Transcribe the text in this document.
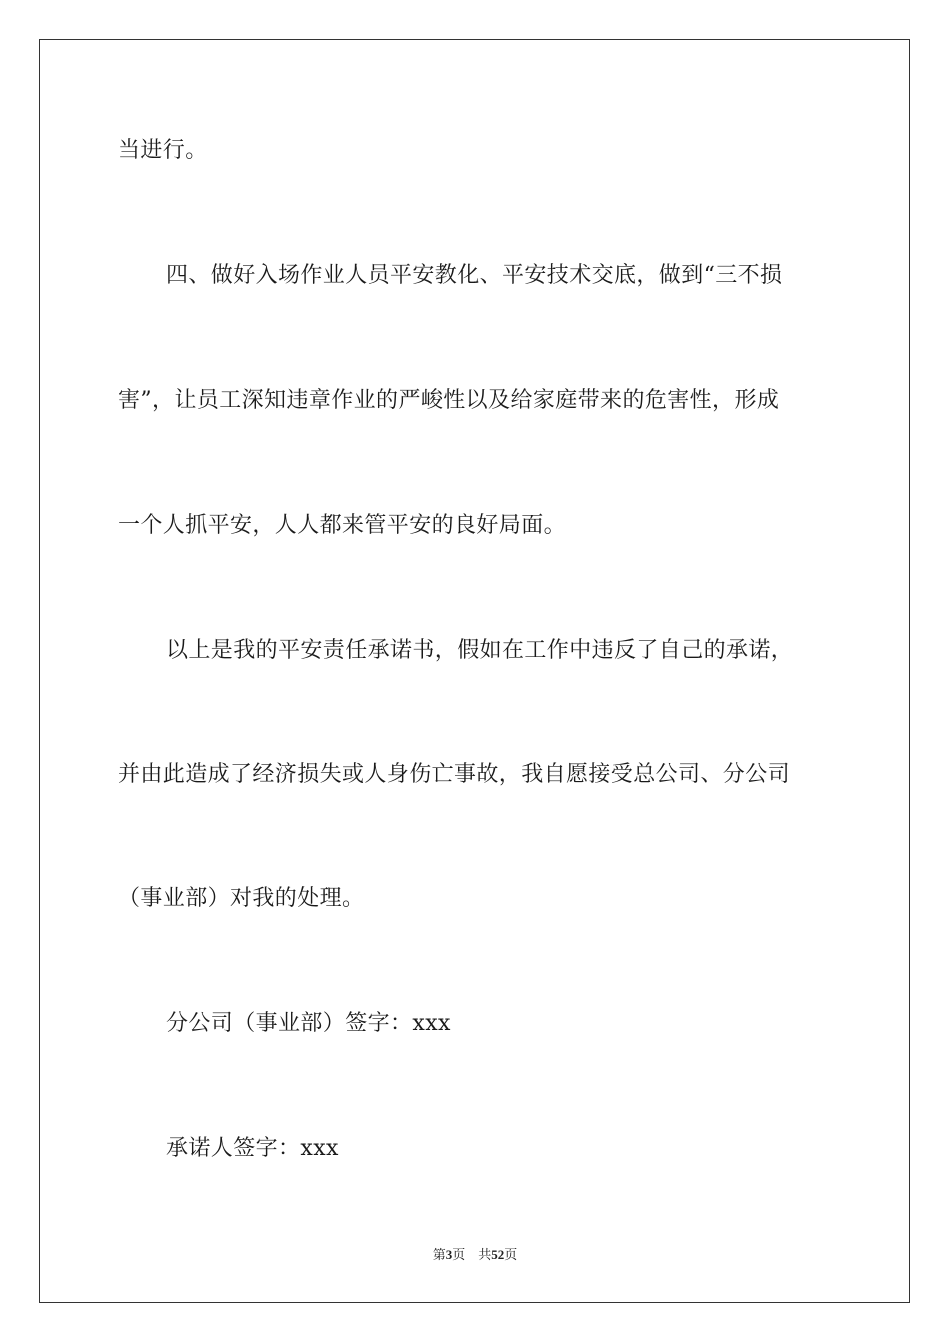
当进行。
四、做好入场作业人员平安教化、平安技术交底，做到“三不损
害”，让员工深知违章作业的严峻性以及给家庭带来的危害性，形成
一个人抓平安，人人都来管平安的良好局面。
以上是我的平安责任承诺书，假如在工作中违反了自己的承诺，
并由此造成了经济损失或人身伤亡事故，我自愿接受总公司、分公司
（事业部）对我的处理。
分公司（事业部）签字：xxx
承诺人签字：xxx
第3页　共52页
